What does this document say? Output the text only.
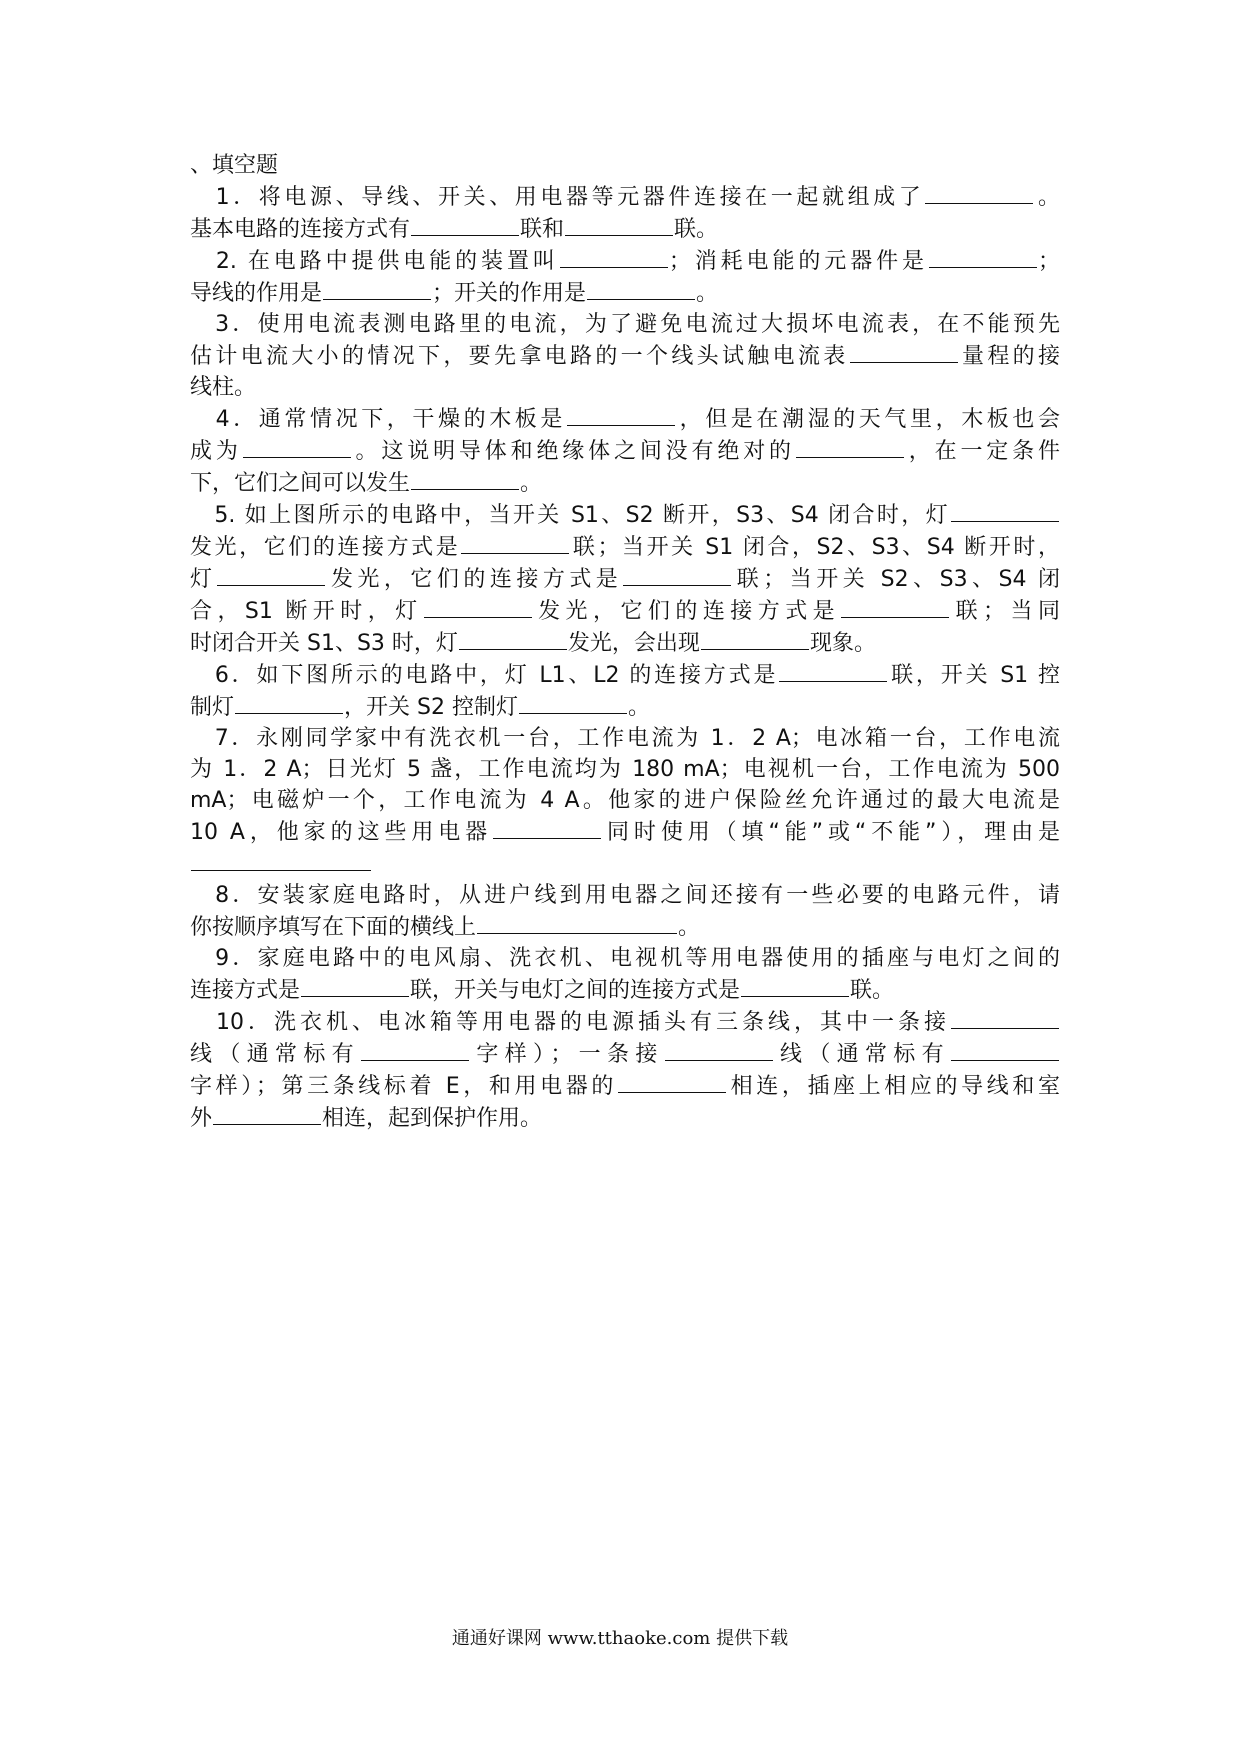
、填空题
　1．将电源、导线、开关、用电器等元器件连接在一起就组成了	。
基本电路的连接方式有	联和	联。
　2. 在电路中提供电能的装置叫	；消耗电能的元器件是	；
导线的作用是	；开关的作用是	。
　3．使用电流表测电路里的电流，为了避免电流过大损坏电流表，在不能预先
估计电流大小的情况下，要先拿电路的一个线头试触电流表	量程的接
线柱。
　4．通常情况下，干燥的木板是	，但是在潮湿的天气里，木板也会
成为	。这说明导体和绝缘体之间没有绝对的	，在一定条件
下，它们之间可以发生	。
　5. 如上图所示的电路中，当开关 S1、S2 断开，S3、S4 闭合时，灯
发光，它们的连接方式是	联；当开关 S1 闭合，S2、S3、S4 断开时，
灯	发光，它们的连接方式是	联；当开关 S2、S3、S4 闭
合，S1 断开时，灯	发光，它们的连接方式是	联；当同
时闭合开关 S1、S3 时，灯	发光，会出现	现象。
　6．如下图所示的电路中，灯 L1、L2 的连接方式是	联，开关 S1 控
制灯	，开关 S2 控制灯	。
　7．永刚同学家中有洗衣机一台，工作电流为 1．2 A；电冰箱一台，工作电流
为 1．2 A；日光灯 5 盏，工作电流均为 180 mA；电视机一台，工作电流为 500
mA；电磁炉一个，工作电流为 4 A。他家的进户保险丝允许通过的最大电流是
10 A，他家的这些用电器	同时使用（填“能”或“不能”），理由是
　8．安装家庭电路时，从进户线到用电器之间还接有一些必要的电路元件，请
你按顺序填写在下面的横线上	。
　9．家庭电路中的电风扇、洗衣机、电视机等用电器使用的插座与电灯之间的
连接方式是	联，开关与电灯之间的连接方式是	联。
　10．洗衣机、电冰箱等用电器的电源插头有三条线，其中一条接
线（通常标有	字样）；一条接	线（通常标有
字样）；第三条线标着 E，和用电器的	相连，插座上相应的导线和室
外	相连，起到保护作用。
通通好课网 www.tthaoke.com 提供下载
